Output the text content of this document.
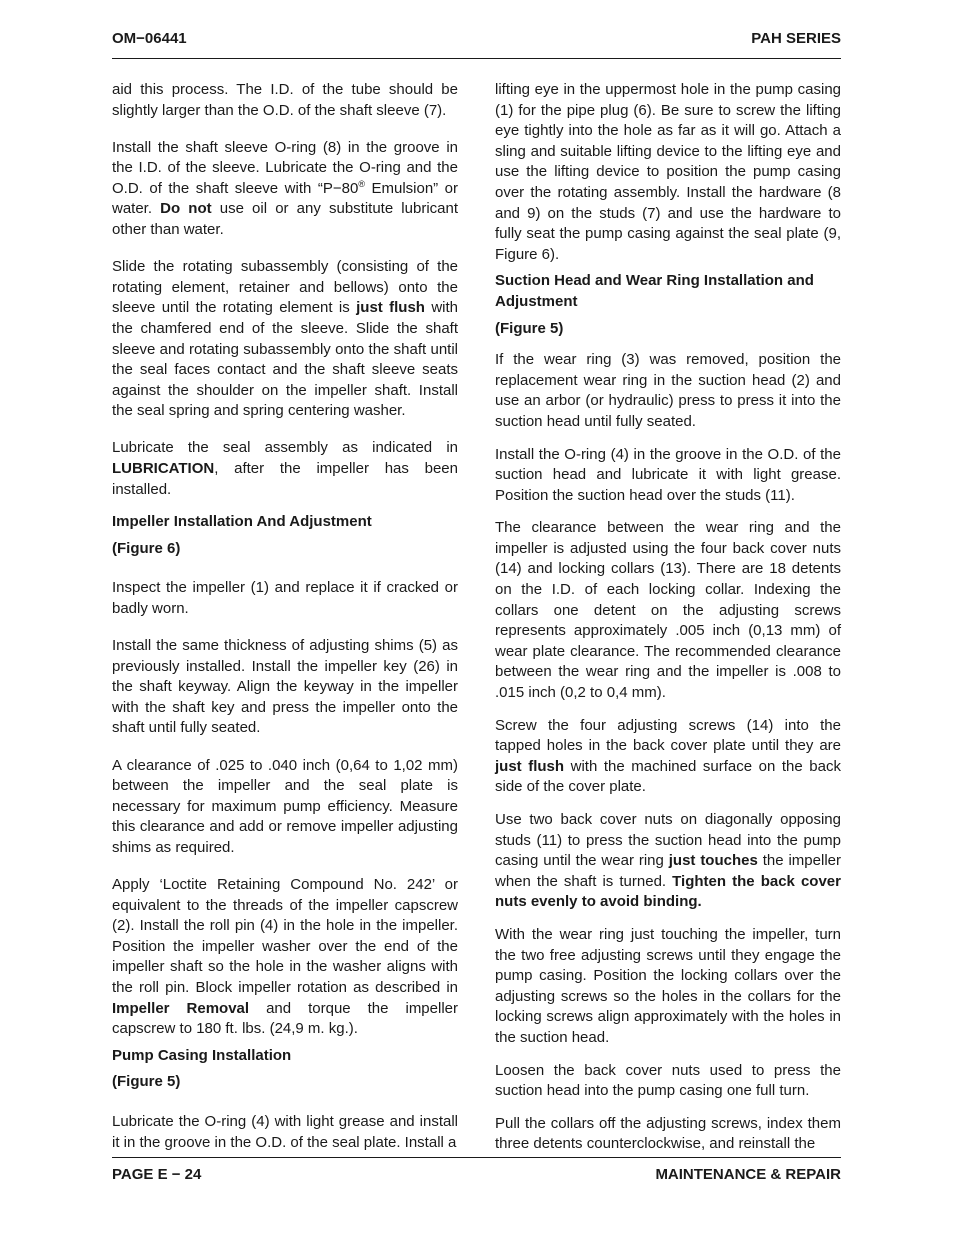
OM−06441	PAH SERIES

aid this process. The I.D. of the tube should be slightly larger than the O.D. of the shaft sleeve (7).

Install the shaft sleeve O-ring (8) in the groove in the I.D. of the sleeve. Lubricate the O-ring and the O.D. of the shaft sleeve with “P−80® Emulsion” or water. Do not use oil or any substitute lubricant other than water.

Slide the rotating subassembly (consisting of the rotating element, retainer and bellows) onto the sleeve until the rotating element is just flush with the chamfered end of the sleeve. Slide the shaft sleeve and rotating subassembly onto the shaft until the seal faces contact and the shaft sleeve seats against the shoulder on the impeller shaft. Install the seal spring and spring centering washer.

Lubricate the seal assembly as indicated in LUBRICATION, after the impeller has been installed.

Impeller Installation And Adjustment
(Figure 6)

Inspect the impeller (1) and replace it if cracked or badly worn.

Install the same thickness of adjusting shims (5) as previously installed. Install the impeller key (26) in the shaft keyway. Align the keyway in the impeller with the shaft key and press the impeller onto the shaft until fully seated.

A clearance of .025 to .040 inch (0,64 to 1,02 mm) between the impeller and the seal plate is necessary for maximum pump efficiency. Measure this clearance and add or remove impeller adjusting shims as required.

Apply ‘Loctite Retaining Compound No. 242’ or equivalent to the threads of the impeller capscrew (2). Install the roll pin (4) in the hole in the impeller. Position the impeller washer over the end of the impeller shaft so the hole in the washer aligns with the roll pin. Block impeller rotation as described in Impeller Removal and torque the impeller capscrew to 180 ft. lbs. (24,9 m. kg.).

Pump Casing Installation
(Figure 5)

Lubricate the O-ring (4) with light grease and install it in the groove in the O.D. of the seal plate. Install a

lifting eye in the uppermost hole in the pump casing (1) for the pipe plug (6). Be sure to screw the lifting eye tightly into the hole as far as it will go. Attach a sling and suitable lifting device to the lifting eye and use the lifting device to position the pump casing over the rotating assembly. Install the hardware (8 and 9) on the studs (7) and use the hardware to fully seat the pump casing against the seal plate (9, Figure 6).

Suction Head and Wear Ring Installation and Adjustment
(Figure 5)

If the wear ring (3) was removed, position the replacement wear ring in the suction head (2) and use an arbor (or hydraulic) press to press it into the suction head until fully seated.

Install the O-ring (4) in the groove in the O.D. of the suction head and lubricate it with light grease. Position the suction head over the studs (11).

The clearance between the wear ring and the impeller is adjusted using the four back cover nuts (14) and locking collars (13). There are 18 detents on the I.D. of each locking collar. Indexing the collars one detent on the adjusting screws represents approximately .005 inch (0,13 mm) of wear plate clearance. The recommended clearance between the wear ring and the impeller is .008 to .015 inch (0,2 to 0,4 mm).

Screw the four adjusting screws (14) into the tapped holes in the back cover plate until they are just flush with the machined surface on the back side of the cover plate.

Use two back cover nuts on diagonally opposing studs (11) to press the suction head into the pump casing until the wear ring just touches the impeller when the shaft is turned. Tighten the back cover nuts evenly to avoid binding.

With the wear ring just touching the impeller, turn the two free adjusting screws until they engage the pump casing. Position the locking collars over the adjusting screws so the holes in the collars for the locking screws align approximately with the holes in the suction head.

Loosen the back cover nuts used to press the suction head into the pump casing one full turn.

Pull the collars off the adjusting screws, index them three detents counterclockwise, and reinstall the

PAGE E − 24	MAINTENANCE & REPAIR
